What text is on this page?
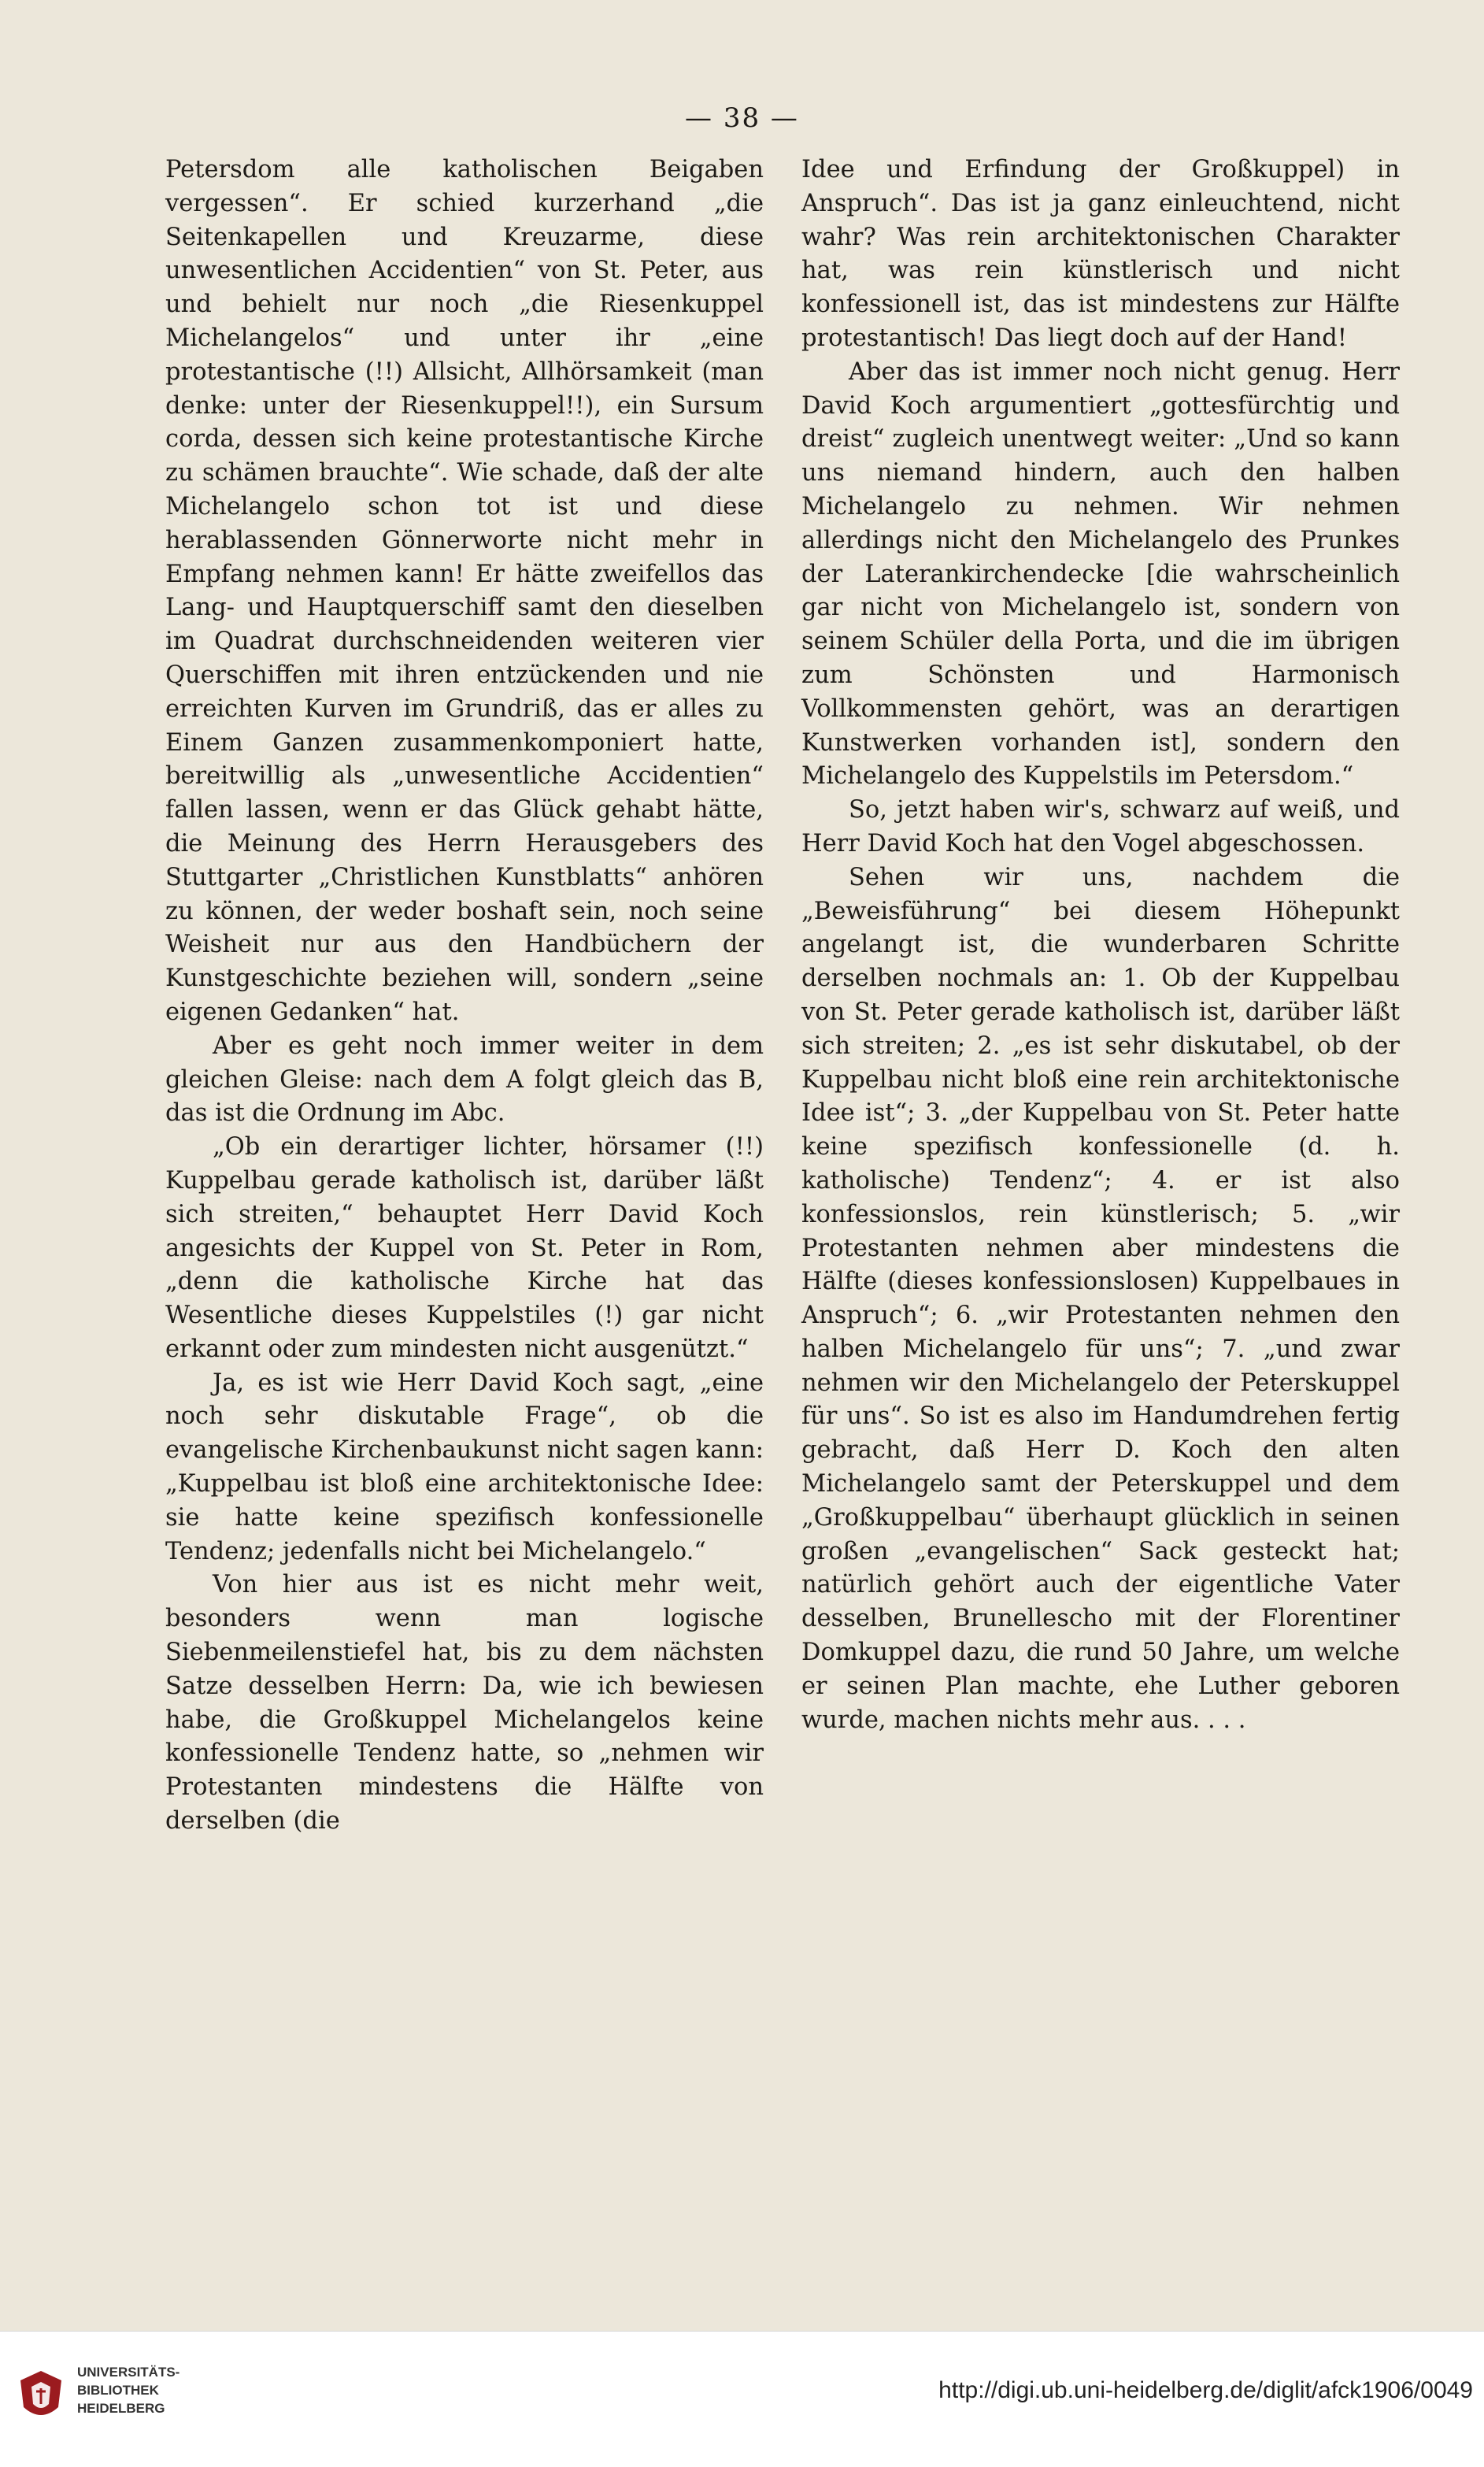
— 38 —

Petersdom alle katholischen Beigaben vergessen“. Er schied kurzerhand „die Seitenkapellen und Kreuzarme, diese unwesentlichen Accidentien“ von St. Peter, aus und behielt nur noch „die Riesenkuppel Michelangelos“ und unter ihr „eine protestantische (!!) Allsicht, Allhörsamkeit (man denke: unter der Riesenkuppel!!), ein Sursum corda, dessen sich keine protestantische Kirche zu schämen brauchte“. Wie schade, daß der alte Michelangelo schon tot ist und diese herablassenden Gönnerworte nicht mehr in Empfang nehmen kann! Er hätte zweifellos das Lang- und Hauptquerschiff samt den dieselben im Quadrat durchschneidenden weiteren vier Querschiffen mit ihren entzückenden und nie erreichten Kurven im Grundriß, das er alles zu Einem Ganzen zusammenkomponiert hatte, bereitwillig als „unwesentliche Accidentien“ fallen lassen, wenn er das Glück gehabt hätte, die Meinung des Herrn Herausgebers des Stuttgarter „Christlichen Kunstblatts“ anhören zu können, der weder boshaft sein, noch seine Weisheit nur aus den Handbüchern der Kunstgeschichte beziehen will, sondern „seine eigenen Gedanken“ hat.

Aber es geht noch immer weiter in dem gleichen Gleise: nach dem A folgt gleich das B, das ist die Ordnung im Abc.

„Ob ein derartiger lichter, hörsamer (!!) Kuppelbau gerade katholisch ist, darüber läßt sich streiten,“ behauptet Herr David Koch angesichts der Kuppel von St. Peter in Rom, „denn die katholische Kirche hat das Wesentliche dieses Kuppelstiles (!) gar nicht erkannt oder zum mindesten nicht ausgenützt.“

Ja, es ist wie Herr David Koch sagt, „eine noch sehr diskutable Frage“, ob die evangelische Kirchenbaukunst nicht sagen kann: „Kuppelbau ist bloß eine architektonische Idee: sie hatte keine spezifisch konfessionelle Tendenz; jedenfalls nicht bei Michelangelo.“

Von hier aus ist es nicht mehr weit, besonders wenn man logische Siebenmeilenstiefel hat, bis zu dem nächsten Satze desselben Herrn: Da, wie ich bewiesen habe, die Großkuppel Michelangelos keine konfessionelle Tendenz hatte, so „nehmen wir Protestanten mindestens die Hälfte von derselben (die

Idee und Erfindung der Großkuppel) in Anspruch“. Das ist ja ganz einleuchtend, nicht wahr? Was rein architektonischen Charakter hat, was rein künstlerisch und nicht konfessionell ist, das ist mindestens zur Hälfte protestantisch! Das liegt doch auf der Hand!

Aber das ist immer noch nicht genug. Herr David Koch argumentiert „gottesfürchtig und dreist“ zugleich unentwegt weiter: „Und so kann uns niemand hindern, auch den halben Michelangelo zu nehmen. Wir nehmen allerdings nicht den Michelangelo des Prunkes der Laterankirchendecke [die wahrscheinlich gar nicht von Michelangelo ist, sondern von seinem Schüler della Porta, und die im übrigen zum Schönsten und Harmonisch Vollkommensten gehört, was an derartigen Kunstwerken vorhanden ist], sondern den Michelangelo des Kuppelstils im Petersdom.“

So, jetzt haben wir's, schwarz auf weiß, und Herr David Koch hat den Vogel abgeschossen.

Sehen wir uns, nachdem die „Beweisführung“ bei diesem Höhepunkt angelangt ist, die wunderbaren Schritte derselben nochmals an: 1. Ob der Kuppelbau von St. Peter gerade katholisch ist, darüber läßt sich streiten; 2. „es ist sehr diskutabel, ob der Kuppelbau nicht bloß eine rein architektonische Idee ist“; 3. „der Kuppelbau von St. Peter hatte keine spezifisch konfessionelle (d. h. katholische) Tendenz“; 4. er ist also konfessionslos, rein künstlerisch; 5. „wir Protestanten nehmen aber mindestens die Hälfte (dieses konfessionslosen) Kuppelbaues in Anspruch“; 6. „wir Protestanten nehmen den halben Michelangelo für uns“; 7. „und zwar nehmen wir den Michelangelo der Peterskuppel für uns“. So ist es also im Handumdrehen fertig gebracht, daß Herr D. Koch den alten Michelangelo samt der Peterskuppel und dem „Großkuppelbau“ überhaupt glücklich in seinen großen „evangelischen“ Sack gesteckt hat; natürlich gehört auch der eigentliche Vater desselben, Brunellescho mit der Florentiner Domkuppel dazu, die rund 50 Jahre, um welche er seinen Plan machte, ehe Luther geboren wurde, machen nichts mehr aus. . . .

UNIVERSITÄTS-
BIBLIOTHEK
HEIDELBERG
http://digi.ub.uni-heidelberg.de/diglit/afck1906/0049
